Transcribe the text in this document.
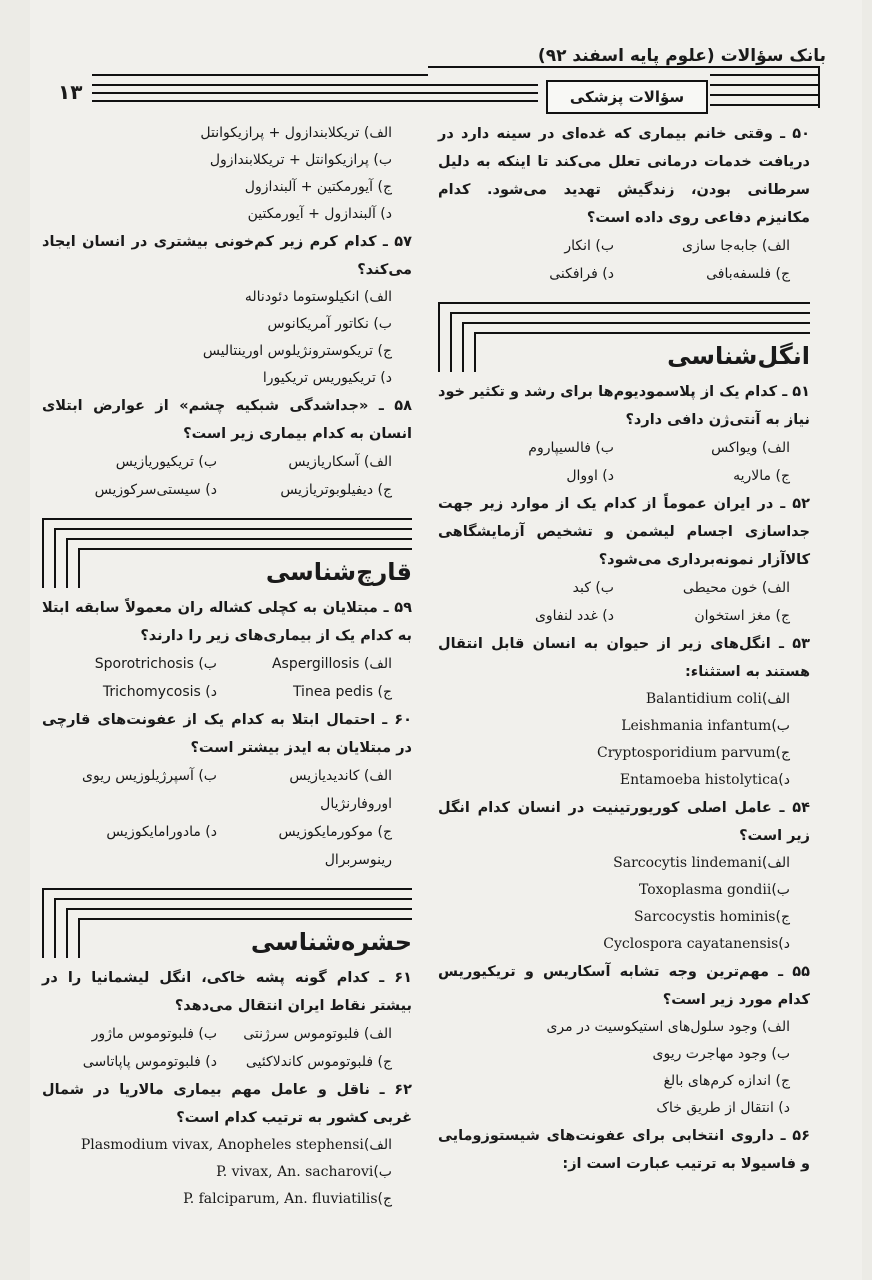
بانک سؤالات (علوم پایه اسفند ۹۲)
۱۳	سؤالات پزشکی
۵۰ ـ وقتی خانم بیماری که غده‌ای در سینه دارد در دریافت خدمات درمانی تعلل می‌کند تا اینکه به دلیل سرطانی بودن، زندگیش تهدید می‌شود. کدام مکانیزم دفاعی روی داده است؟
الف) جابه‌جا سازی
ب) انکار
ج) فلسفه‌بافی
د) فرافکنی
انگل‌شناسی
۵۱ ـ کدام یک از پلاسمودیوم‌ها برای رشد و تکثیر خود نیاز به آنتی‌ژن دافی دارد؟
الف) ویواکس
ب) فالسیپاروم
ج) مالاریه
د) اووال
۵۲ ـ در ایران عموماً از کدام یک از موارد زیر جهت جداسازی اجسام لیشمن و تشخیص آزمایشگاهی کالاآزار نمونه‌برداری می‌شود؟
الف) خون محیطی
ب) کبد
ج) مغز استخوان
د) غدد لنفاوی
۵۳ ـ انگل‌های زیر از حیوان به انسان قابل انتقال هستند به استثناء:
الف)Balantidium coli
ب)Leishmania infantum
ج)Cryptosporidium parvum
د)Entamoeba histolytica
۵۴ ـ عامل اصلی کوریورتینیت در انسان کدام انگل زیر است؟
الف)Sarcocytis lindemani
ب)Toxoplasma gondii
ج)Sarcocystis hominis
د)Cyclospora cayatanensis
۵۵ ـ مهم‌ترین وجه تشابه آسکاریس و تریکیوریس کدام مورد زیر است؟
الف) وجود سلول‌های استیکوسیت در مری
ب) وجود مهاجرت ریوی
ج) اندازه کرم‌های بالغ
د) انتقال از طریق خاک
۵۶ ـ داروی انتخابی برای عفونت‌های شیستوزومایی و فاسیولا به ترتیب عبارت است از:
الف) تریکلابندازول + پرازیکوانتل
ب) پرازیکوانتل + تریکلابندازول
ج) آیورمکتین + آلبندازول
د) آلبندازول + آیورمکتین
۵۷ ـ کدام کرم زیر کم‌خونی بیشتری در انسان ایجاد می‌کند؟
الف) انکیلوستوما دئودناله
ب) نکاتور آمریکانوس
ج) تریکوسترونژیلوس اورینتالیس
د) تریکیوریس تریکیورا
۵۸ ـ «جداشدگی شبکیه چشم» از عوارض ابتلای انسان به کدام بیماری زیر است؟
الف) آسکاریازیس
ب) تریکیوریازیس
ج) دیفیلوبوتریازیس
د) سیستی‌سرکوزیس
قارچ‌شناسی
۵۹ ـ مبتلایان به کچلی کشاله ران معمولاً سابقه ابتلا به کدام یک از بیماری‌های زیر را دارند؟
الف) Aspergillosis
ب) Sporotrichosis
ج) Tinea pedis
د) Trichomycosis
۶۰ ـ احتمال ابتلا به کدام یک از عفونت‌های قارچی در مبتلایان به ایدز بیشتر است؟
الف) کاندیدیازیس اوروفارنژیال
ب) آسپرژیلوزیس ریوی
ج) موکورمایکوزیس رینوسربرال
د) مادورامایکوزیس
حشره‌شناسی
۶۱ ـ کدام گونه پشه خاکی، انگل لیشمانیا را در بیشتر نقاط ایران انتقال می‌دهد؟
الف) فلبوتوموس سرژنتی
ب) فلبوتوموس ماژور
ج) فلبوتوموس کاندلاکئیی
د) فلبوتوموس پاپاتاسی
۶۲ ـ ناقل و عامل مهم بیماری مالاریا در شمال غربی کشور به ترتیب کدام است؟
الف)Plasmodium vivax, Anopheles stephensi
ب)P. vivax, An. sacharovi
ج)P. falciparum, An. fluviatilis
